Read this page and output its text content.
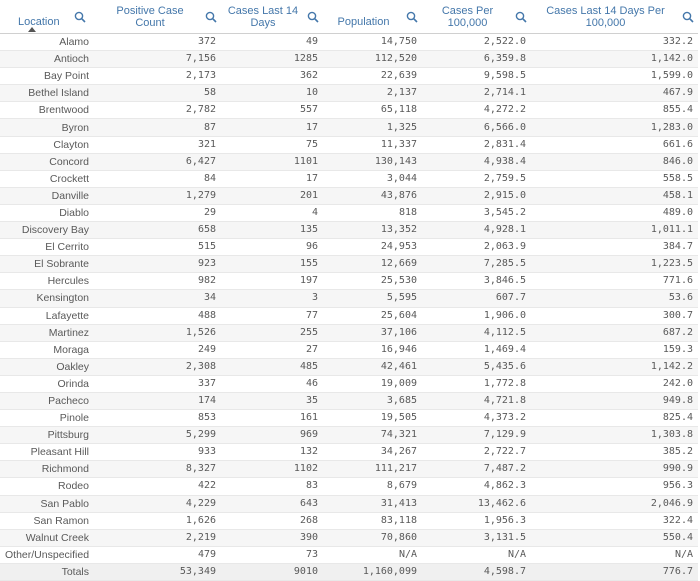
Location	Positive Case Count	Cases Last 14 Days	Population	Cases Per 100,000	Cases Last 14 Days Per 100,000

Alamo	372	49	14,750	2,522.0	332.2
Antioch	7,156	1285	112,520	6,359.8	1,142.0
Bay Point	2,173	362	22,639	9,598.5	1,599.0
Bethel Island	58	10	2,137	2,714.1	467.9
Brentwood	2,782	557	65,118	4,272.2	855.4
Byron	87	17	1,325	6,566.0	1,283.0
Clayton	321	75	11,337	2,831.4	661.6
Concord	6,427	1101	130,143	4,938.4	846.0
Crockett	84	17	3,044	2,759.5	558.5
Danville	1,279	201	43,876	2,915.0	458.1
Diablo	29	4	818	3,545.2	489.0
Discovery Bay	658	135	13,352	4,928.1	1,011.1
El Cerrito	515	96	24,953	2,063.9	384.7
El Sobrante	923	155	12,669	7,285.5	1,223.5
Hercules	982	197	25,530	3,846.5	771.6
Kensington	34	3	5,595	607.7	53.6
Lafayette	488	77	25,604	1,906.0	300.7
Martinez	1,526	255	37,106	4,112.5	687.2
Moraga	249	27	16,946	1,469.4	159.3
Oakley	2,308	485	42,461	5,435.6	1,142.2
Orinda	337	46	19,009	1,772.8	242.0
Pacheco	174	35	3,685	4,721.8	949.8
Pinole	853	161	19,505	4,373.2	825.4
Pittsburg	5,299	969	74,321	7,129.9	1,303.8
Pleasant Hill	933	132	34,267	2,722.7	385.2
Richmond	8,327	1102	111,217	7,487.2	990.9
Rodeo	422	83	8,679	4,862.3	956.3
San Pablo	4,229	643	31,413	13,462.6	2,046.9
San Ramon	1,626	268	83,118	1,956.3	322.4
Walnut Creek	2,219	390	70,860	3,131.5	550.4
Other/Unspecified	479	73	N/A	N/A	N/A
Totals	53,349	9010	1,160,099	4,598.7	776.7
